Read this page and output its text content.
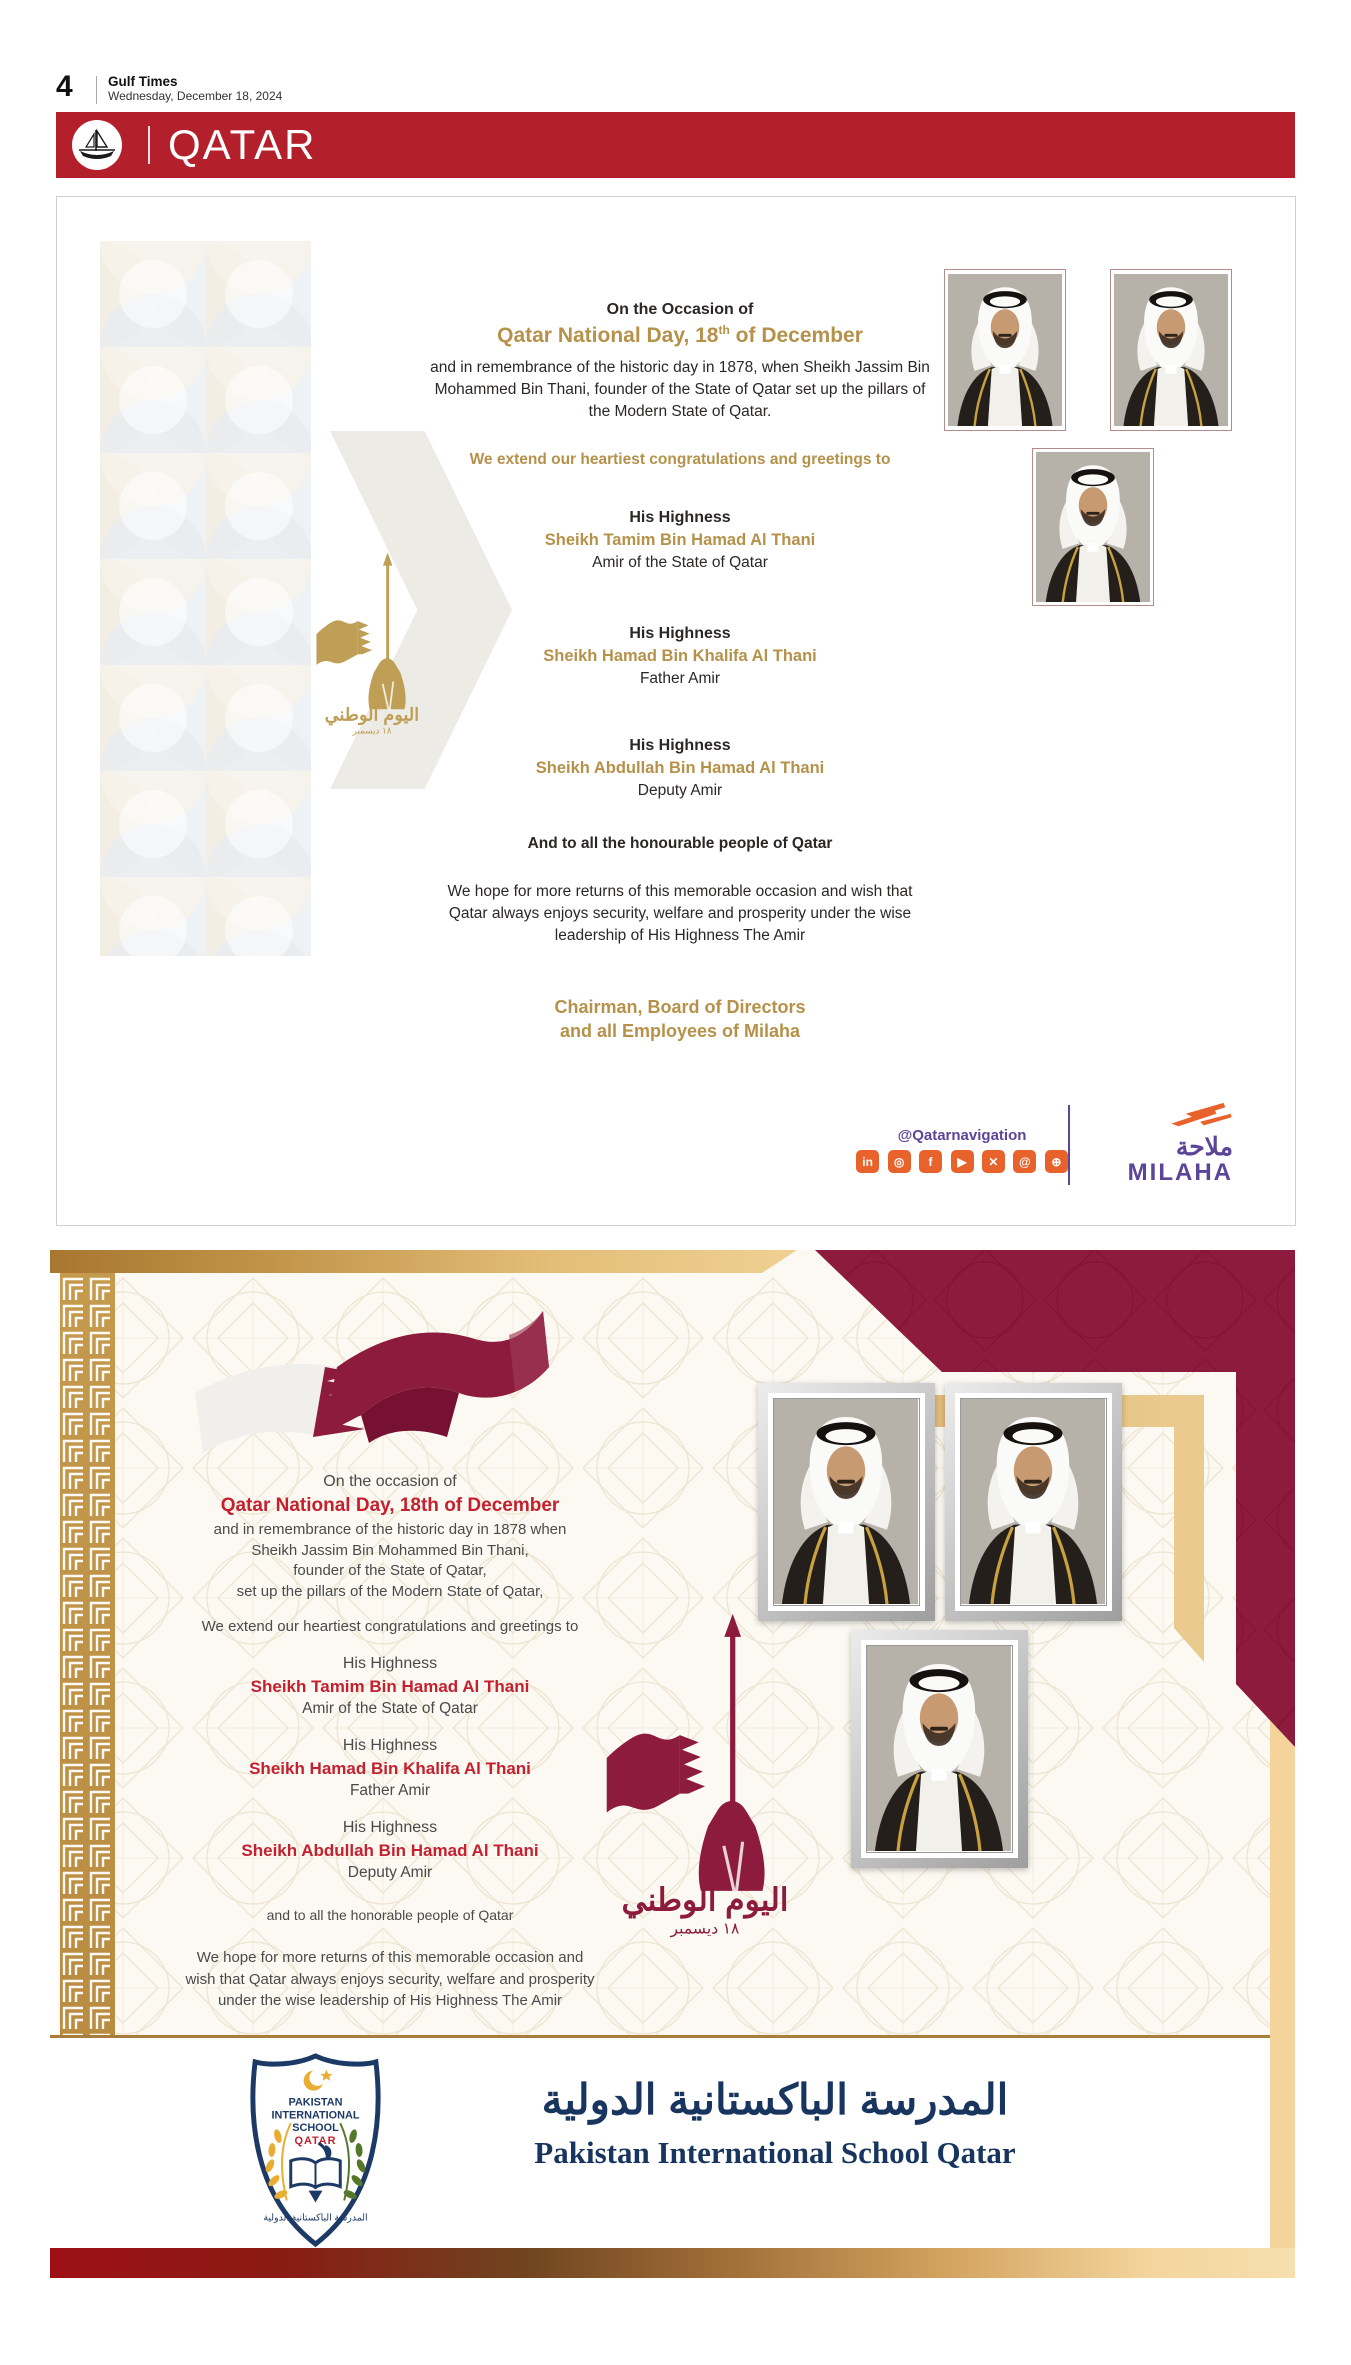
4	Gulf Times
Wednesday, December 18, 2024
QATAR
اليوم الوطني
١٨ ديسمبر
On the Occasion of
Qatar National Day, 18th of December
and in remembrance of the historic day in 1878, when Sheikh Jassim Bin Mohammed Bin Thani, founder of the State of Qatar set up the pillars of the Modern State of Qatar.
We extend our heartiest congratulations and greetings to
His Highness
Sheikh Tamim Bin Hamad Al Thani
Amir of the State of Qatar
His Highness
Sheikh Hamad Bin Khalifa Al Thani
Father Amir
His Highness
Sheikh Abdullah Bin Hamad Al Thani
Deputy Amir
And to all the honourable people of Qatar
We hope for more returns of this memorable occasion and wish that Qatar always enjoys security, welfare and prosperity under the wise leadership of His Highness The Amir
Chairman, Board of Directors
and all Employees of Milaha
@Qatarnavigation
in ◎ f ▶ ✕ @ ⊕
ملاحة
MILAHA
On the occasion of
Qatar National Day, 18th of December
and in remembrance of the historic day in 1878 when
Sheikh Jassim Bin Mohammed Bin Thani,
founder of the State of Qatar,
set up the pillars of the Modern State of Qatar,
We extend our heartiest congratulations and greetings to
His Highness
Sheikh Tamim Bin Hamad Al Thani
Amir of the State of Qatar
His Highness
Sheikh Hamad Bin Khalifa Al Thani
Father Amir
His Highness
Sheikh Abdullah Bin Hamad Al Thani
Deputy Amir
and to all the honorable people of Qatar
We hope for more returns of this memorable occasion and
wish that Qatar always enjoys security, welfare and prosperity
under the wise leadership of His Highness The Amir
اليوم الوطني
١٨ ديسمبر
PAKISTAN
INTERNATIONAL
SCHOOL
QATAR
المدرسة الباكستانية الدولية
المدرسة الباكستانية الدولية
Pakistan International School Qatar
